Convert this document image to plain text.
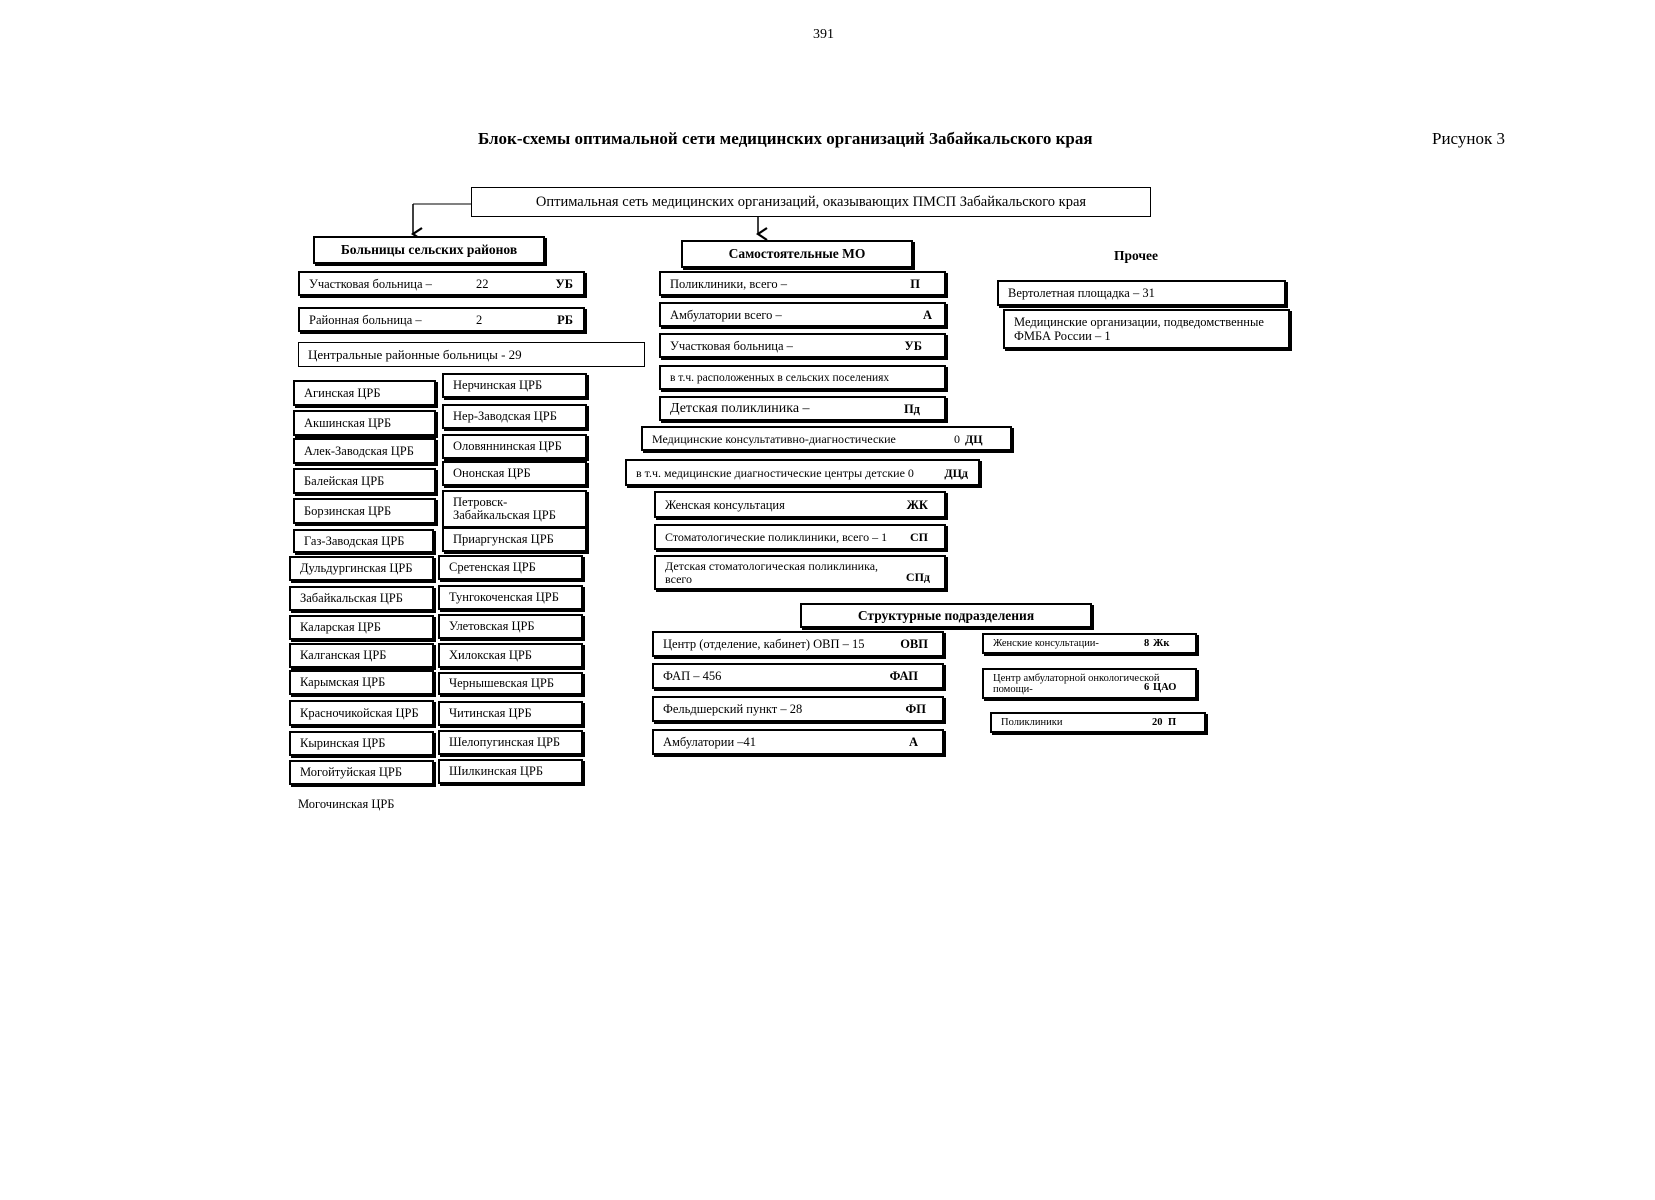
391
Блок-схемы оптимальной сети медицинских организаций Забайкальского края	Рисунок 3
Оптимальная сеть медицинских организаций, оказывающих ПМСП Забайкальского края
Больницы сельских районов
Участковая больница –	22	УБ
Районная больница –	2	РБ
Центральные районные больницы - 29
Агинская ЦРБ
Акшинская ЦРБ
Алек-Заводская ЦРБ
Балейская ЦРБ
Борзинская ЦРБ
Газ-Заводская ЦРБ
Дульдургинская ЦРБ
Забайкальская ЦРБ
Каларская ЦРБ
Калганская ЦРБ
Карымская ЦРБ
Красночикойская ЦРБ
Кыринская ЦРБ
Могойтуйская ЦРБ
Нерчинская ЦРБ
Нер-Заводская ЦРБ
Оловяннинская ЦРБ
Ононская ЦРБ
Петровск-Забайкальская ЦРБ
Приаргунская ЦРБ
Сретенская ЦРБ
Тунгокоченская ЦРБ
Улетовская ЦРБ
Хилокская ЦРБ
Чернышевская ЦРБ
Читинская ЦРБ
Шелопугинская ЦРБ
Шилкинская ЦРБ
Могочинская ЦРБ
Самостоятельные МО
Поликлиники, всего –	П
Амбулатории всего –	А
Участковая больница –	УБ
в т.ч. расположенных в сельских поселениях
Детская поликлиника –	Пд
Медицинские консультативно-диагностические	0 ДЦ
в т.ч. медицинские диагностические центры детские 0	ДЦд
Женская консультация	ЖК
Стоматологические поликлиники, всего – 1 СП
Детская стоматологическая поликлиника, всего	СПд
Структурные подразделения
Центр (отделение, кабинет) ОВП – 15	ОВП
ФАП – 456	ФАП
Фельдшерский пункт – 28	ФП
Амбулатории –41	А
Женские консультации-	8 Жк
Центр амбулаторной онкологической помощи-	6 ЦАО
Поликлиники	20 П
Прочее
Вертолетная площадка – 31
Медицинские организации, подведомственные ФМБА России – 1
